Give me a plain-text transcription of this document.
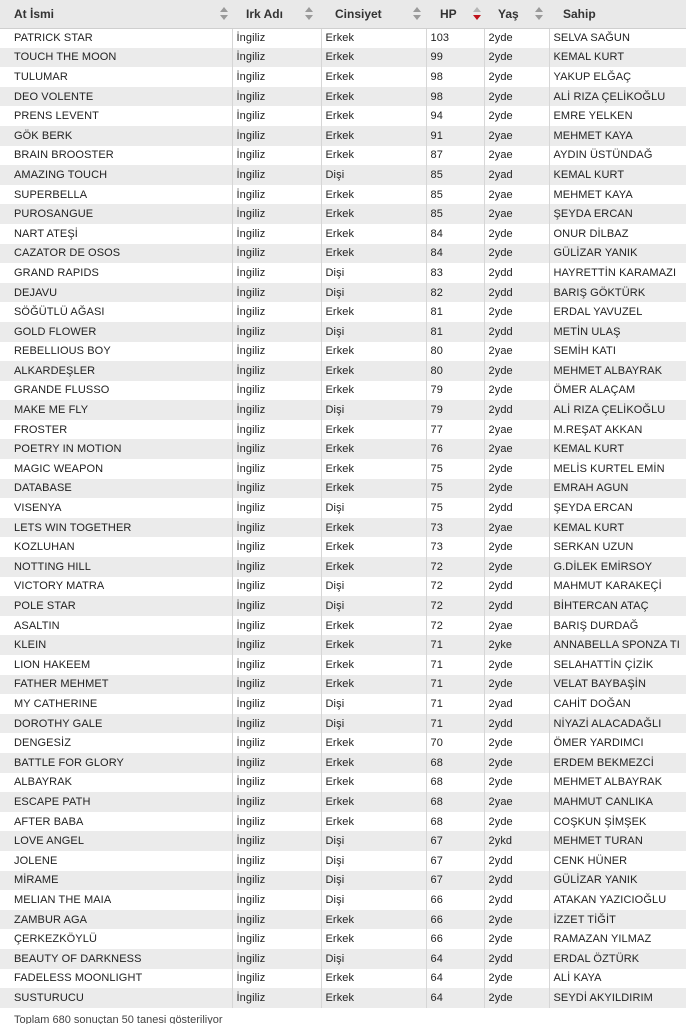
At İsmi	Irk Adı	Cinsiyet	HP	Yaş	Sahip
PATRICK STAR	İngiliz	Erkek	103	2yde	SELVA SAĞUN
TOUCH THE MOON	İngiliz	Erkek	99	2yde	KEMAL KURT
TULUMAR	İngiliz	Erkek	98	2yde	YAKUP ELĞAÇ
DEO VOLENTE	İngiliz	Erkek	98	2yde	ALİ RIZA ÇELİKOĞLU
PRENS LEVENT	İngiliz	Erkek	94	2yde	EMRE YELKEN
GÖK BERK	İngiliz	Erkek	91	2yae	MEHMET KAYA
BRAIN BROOSTER	İngiliz	Erkek	87	2yae	AYDIN ÜSTÜNDAĞ
AMAZING TOUCH	İngiliz	Dişi	85	2yad	KEMAL KURT
SUPERBELLA	İngiliz	Erkek	85	2yae	MEHMET KAYA
PUROSANGUE	İngiliz	Erkek	85	2yae	ŞEYDA ERCAN
NART ATEŞİ	İngiliz	Erkek	84	2yde	ONUR DİLBAZ
CAZATOR DE OSOS	İngiliz	Erkek	84	2yde	GÜLİZAR YANIK
GRAND RAPIDS	İngiliz	Dişi	83	2ydd	HAYRETTİN KARAMAZI
DEJAVU	İngiliz	Dişi	82	2ydd	BARIŞ GÖKTÜRK
SÖĞÜTLÜ AĞASI	İngiliz	Erkek	81	2yde	ERDAL YAVUZEL
GOLD FLOWER	İngiliz	Dişi	81	2ydd	METİN ULAŞ
REBELLIOUS BOY	İngiliz	Erkek	80	2yae	SEMİH KATI
ALKARDEŞLER	İngiliz	Erkek	80	2yde	MEHMET ALBAYRAK
GRANDE FLUSSO	İngiliz	Erkek	79	2yde	ÖMER ALAÇAM
MAKE ME FLY	İngiliz	Dişi	79	2ydd	ALİ RIZA ÇELİKOĞLU
FROSTER	İngiliz	Erkek	77	2yae	M.REŞAT AKKAN
POETRY IN MOTION	İngiliz	Erkek	76	2yae	KEMAL KURT
MAGIC WEAPON	İngiliz	Erkek	75	2yde	MELİS KURTEL EMİN
DATABASE	İngiliz	Erkek	75	2yde	EMRAH AGUN
VISENYA	İngiliz	Dişi	75	2ydd	ŞEYDA ERCAN
LETS WIN TOGETHER	İngiliz	Erkek	73	2yae	KEMAL KURT
KOZLUHAN	İngiliz	Erkek	73	2yde	SERKAN UZUN
NOTTING HILL	İngiliz	Erkek	72	2yde	G.DİLEK EMİRSOY
VICTORY MATRA	İngiliz	Dişi	72	2ydd	MAHMUT KARAKEÇİ
POLE STAR	İngiliz	Dişi	72	2ydd	BİHTERCAN ATAÇ
ASALTIN	İngiliz	Erkek	72	2yae	BARIŞ DURDAĞ
KLEIN	İngiliz	Erkek	71	2yke	ANNABELLA SPONZA TI
LION HAKEEM	İngiliz	Erkek	71	2yde	SELAHATTİN ÇİZİK
FATHER MEHMET	İngiliz	Erkek	71	2yde	VELAT BAYBAŞİN
MY CATHERINE	İngiliz	Dişi	71	2yad	CAHİT DOĞAN
DOROTHY GALE	İngiliz	Dişi	71	2ydd	NİYAZİ ALACADAĞLI
DENGESİZ	İngiliz	Erkek	70	2yde	ÖMER YARDIMCI
BATTLE FOR GLORY	İngiliz	Erkek	68	2yde	ERDEM BEKMEZCİ
ALBAYRAK	İngiliz	Erkek	68	2yde	MEHMET ALBAYRAK
ESCAPE PATH	İngiliz	Erkek	68	2yae	MAHMUT CANLIKA
AFTER BABA	İngiliz	Erkek	68	2yde	COŞKUN ŞİMŞEK
LOVE ANGEL	İngiliz	Dişi	67	2ykd	MEHMET TURAN
JOLENE	İngiliz	Dişi	67	2ydd	CENK HÜNER
MİRAME	İngiliz	Dişi	67	2ydd	GÜLİZAR YANIK
MELIAN THE MAIA	İngiliz	Dişi	66	2ydd	ATAKAN YAZICIOĞLU
ZAMBUR AGA	İngiliz	Erkek	66	2yde	İZZET TİĞİT
ÇERKEZKÖYLÜ	İngiliz	Erkek	66	2yde	RAMAZAN YILMAZ
BEAUTY OF DARKNESS	İngiliz	Dişi	64	2ydd	ERDAL ÖZTÜRK
FADELESS MOONLIGHT	İngiliz	Erkek	64	2yde	ALİ KAYA
SUSTURUCU	İngiliz	Erkek	64	2yde	SEYDİ AKYILDIRIM
Toplam 680 sonuçtan 50 tanesi gösteriliyor
